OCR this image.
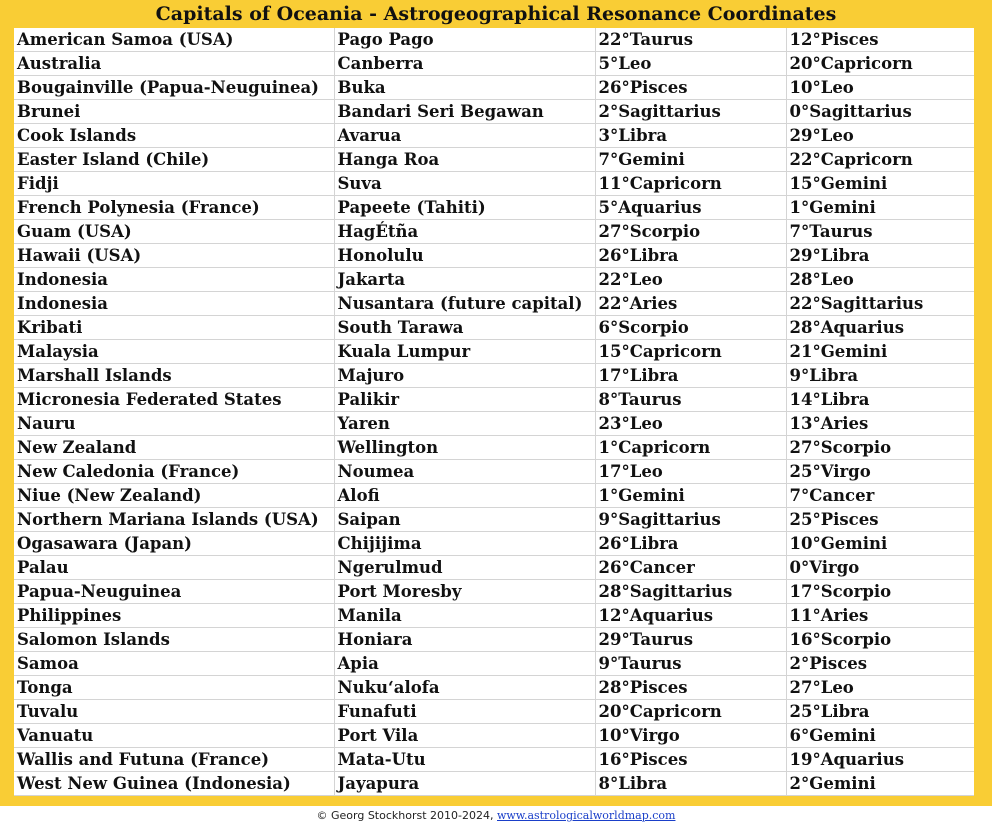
Capitals of Oceania - Astrogeographical Resonance Coordinates
American Samoa (USA)	Pago Pago	22°Taurus	12°Pisces
Australia	Canberra	5°Leo	20°Capricorn
Bougainville (Papua-Neuguinea)	Buka	26°Pisces	10°Leo
Brunei	Bandari Seri Begawan	2°Sagittarius	0°Sagittarius
Cook Islands	Avarua	3°Libra	29°Leo
Easter Island (Chile)	Hanga Roa	7°Gemini	22°Capricorn
Fidji	Suva	11°Capricorn	15°Gemini
French Polynesia (France)	Papeete (Tahiti)	5°Aquarius	1°Gemini
Guam (USA)	HagÉtña	27°Scorpio	7°Taurus
Hawaii (USA)	Honolulu	26°Libra	29°Libra
Indonesia	Jakarta	22°Leo	28°Leo
Indonesia	Nusantara (future capital)	22°Aries	22°Sagittarius
Kribati	South Tarawa	6°Scorpio	28°Aquarius
Malaysia	Kuala Lumpur	15°Capricorn	21°Gemini
Marshall Islands	Majuro	17°Libra	9°Libra
Micronesia Federated States	Palikir	8°Taurus	14°Libra
Nauru	Yaren	23°Leo	13°Aries
New Zealand	Wellington	1°Capricorn	27°Scorpio
New Caledonia (France)	Noumea	17°Leo	25°Virgo
Niue (New Zealand)	Alofi	1°Gemini	7°Cancer
Northern Mariana Islands (USA)	Saipan	9°Sagittarius	25°Pisces
Ogasawara (Japan)	Chijijima	26°Libra	10°Gemini
Palau	Ngerulmud	26°Cancer	0°Virgo
Papua-Neuguinea	Port Moresby	28°Sagittarius	17°Scorpio
Philippines	Manila	12°Aquarius	11°Aries
Salomon Islands	Honiara	29°Taurus	16°Scorpio
Samoa	Apia	9°Taurus	2°Pisces
Tonga	Nuku‘alofa	28°Pisces	27°Leo
Tuvalu	Funafuti	20°Capricorn	25°Libra
Vanuatu	Port Vila	10°Virgo	6°Gemini
Wallis and Futuna (France)	Mata-Utu	16°Pisces	19°Aquarius
West New Guinea (Indonesia)	Jayapura	8°Libra	2°Gemini
© Georg Stockhorst 2010-2024, www.astrologicalworldmap.com
